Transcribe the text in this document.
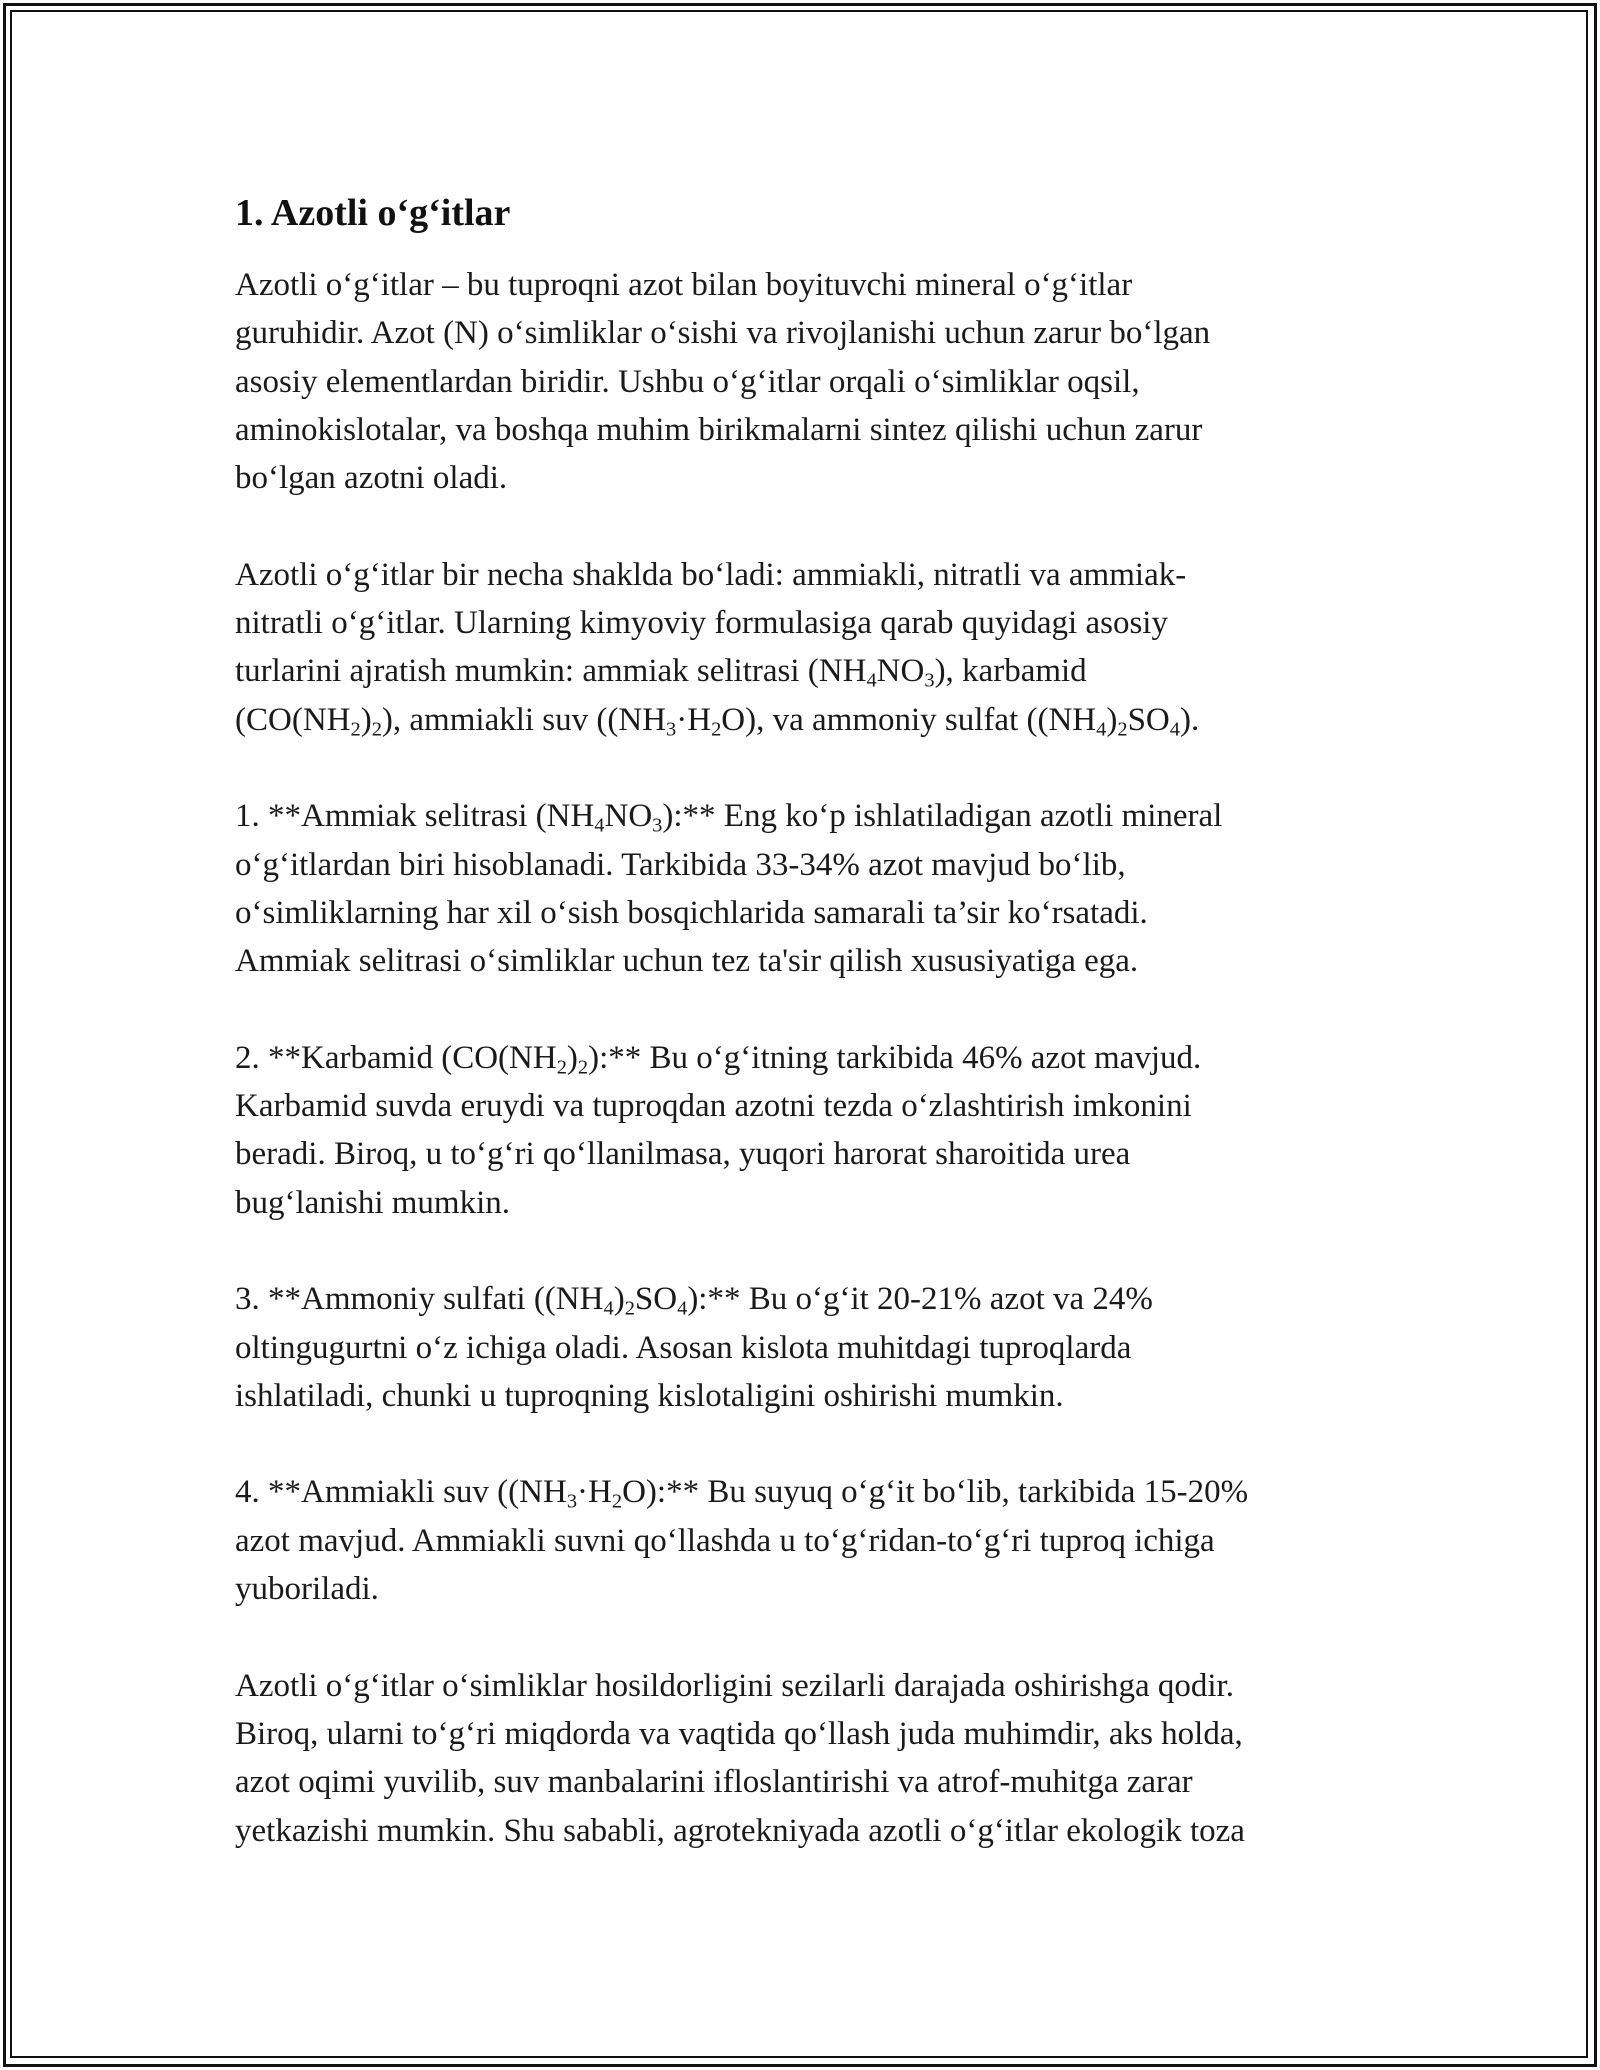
1. Azotli o‘g‘itlar

Azotli o‘g‘itlar – bu tuproqni azot bilan boyituvchi mineral o‘g‘itlar
guruhidir. Azot (N) o‘simliklar o‘sishi va rivojlanishi uchun zarur bo‘lgan
asosiy elementlardan biridir. Ushbu o‘g‘itlar orqali o‘simliklar oqsil,
aminokislotalar, va boshqa muhim birikmalarni sintez qilishi uchun zarur
bo‘lgan azotni oladi.

Azotli o‘g‘itlar bir necha shaklda bo‘ladi: ammiakli, nitratli va ammiak-
nitratli o‘g‘itlar. Ularning kimyoviy formulasiga qarab quyidagi asosiy
turlarini ajratish mumkin: ammiak selitrasi $(NH_4NO_3)$, karbamid
$(CO(NH_2)_2)$, ammiakli suv ($(NH_3\cdot H_2O)$, va ammoniy sulfat $((NH_4)_2SO_4)$.

1. **Ammiak selitrasi $(NH_4NO_3):**$ Eng ko‘p ishlatiladigan azotli mineral
o‘g‘itlardan biri hisoblanadi. Tarkibida 33-34% azot mavjud bo‘lib,
o‘simliklarning har xil o‘sish bosqichlarida samarali ta’sir ko‘rsatadi.
Ammiak selitrasi o‘simliklar uchun tez ta'sir qilish xususiyatiga ega.

2. **Karbamid $(CO(NH_2)_2):**$ Bu o‘g‘itning tarkibida 46% azot mavjud.
Karbamid suvda eruydi va tuproqdan azotni tezda o‘zlashtirish imkonini
beradi. Biroq, u to‘g‘ri qo‘llanilmasa, yuqori harorat sharoitida urea
bug‘lanishi mumkin.

3. **Ammoniy sulfati $((NH_4)_2SO_4):**$ Bu o‘g‘it 20-21% azot va 24%
oltingugurtni o‘z ichiga oladi. Asosan kislota muhitdagi tuproqlarda
ishlatiladi, chunki u tuproqning kislotaligini oshirishi mumkin.

4. **Ammiakli suv ($(NH_3\cdot H_2O):**$ Bu suyuq o‘g‘it bo‘lib, tarkibida 15-20%
azot mavjud. Ammiakli suvni qo‘llashda u to‘g‘ridan-to‘g‘ri tuproq ichiga
yuboriladi.

Azotli o‘g‘itlar o‘simliklar hosildorligini sezilarli darajada oshirishga qodir.
Biroq, ularni to‘g‘ri miqdorda va vaqtida qo‘llash juda muhimdir, aks holda,
azot oqimi yuvilib, suv manbalarini ifloslantirishi va atrof-muhitga zarar
yetkazishi mumkin. Shu sababli, agrotekniyada azotli o‘g‘itlar ekologik toza
